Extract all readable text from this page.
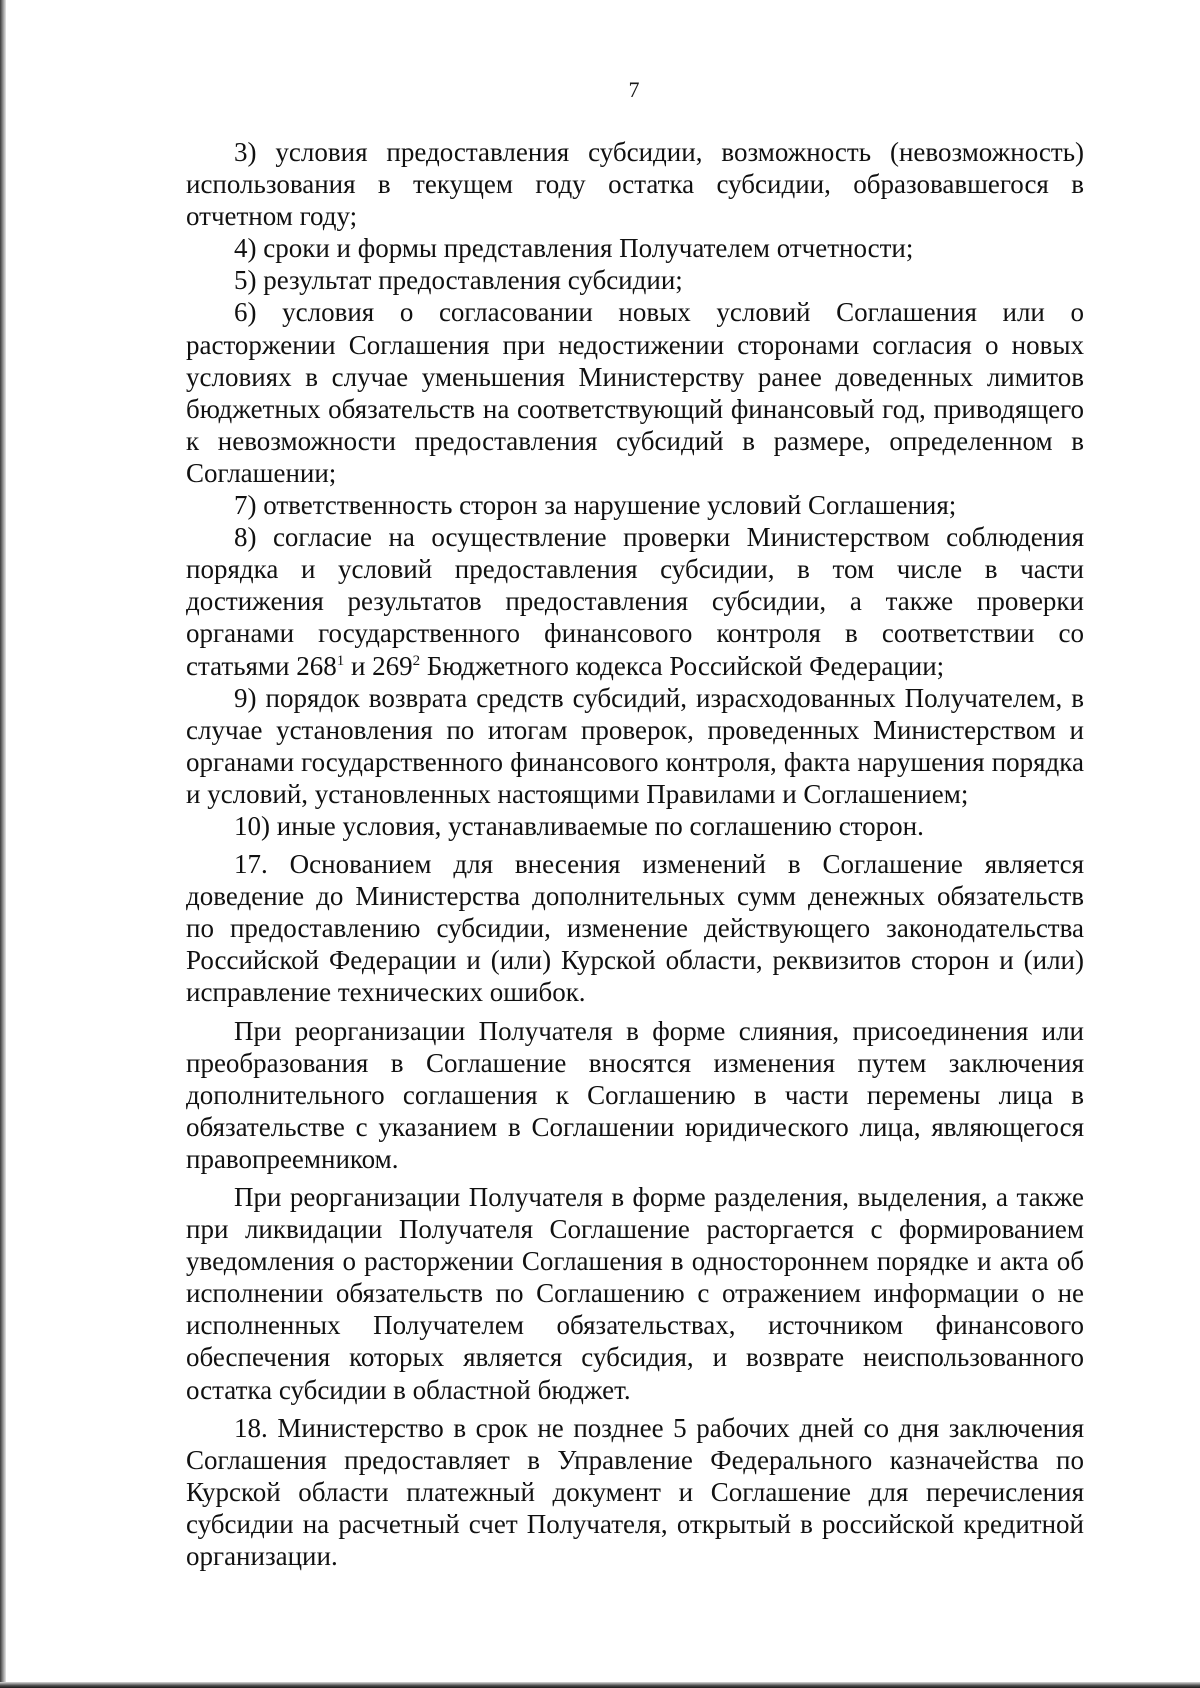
7

3) условия предоставления субсидии, возможность (невозможность) использования в текущем году остатка субсидии, образовавшегося в отчетном году;

4) сроки и формы представления Получателем отчетности;

5) результат предоставления субсидии;

6) условия о согласовании новых условий Соглашения или о расторжении Соглашения при недостижении сторонами согласия о новых условиях в случае уменьшения Министерству ранее доведенных лимитов бюджетных обязательств на соответствующий финансовый год, приводящего к невозможности предоставления субсидий в размере, определенном в Соглашении;

7) ответственность сторон за нарушение условий Соглашения;

8) согласие на осуществление проверки Министерством соблюдения порядка и условий предоставления субсидии, в том числе в части достижения результатов предоставления субсидии, а также проверки органами государственного финансового контроля в соответствии со статьями $268^1$ и $269^2$ Бюджетного кодекса Российской Федерации;

9) порядок возврата средств субсидий, израсходованных Получателем, в случае установления по итогам проверок, проведенных Министерством и органами государственного финансового контроля, факта нарушения порядка и условий, установленных настоящими Правилами и Соглашением;

10) иные условия, устанавливаемые по соглашению сторон.

17. Основанием для внесения изменений в Соглашение является доведение до Министерства дополнительных сумм денежных обязательств по предоставлению субсидии, изменение действующего законодательства Российской Федерации и (или) Курской области, реквизитов сторон и (или) исправление технических ошибок.

При реорганизации Получателя в форме слияния, присоединения или преобразования в Соглашение вносятся изменения путем заключения дополнительного соглашения к Соглашению в части перемены лица в обязательстве с указанием в Соглашении юридического лица, являющегося правопреемником.

При реорганизации Получателя в форме разделения, выделения, а также при ликвидации Получателя Соглашение расторгается с формированием уведомления о расторжении Соглашения в одностороннем порядке и акта об исполнении обязательств по Соглашению с отражением информации о не исполненных Получателем обязательствах, источником финансового обеспечения которых является субсидия, и возврате неиспользованного остатка субсидии в областной бюджет.

18. Министерство в срок не позднее 5 рабочих дней со дня заключения Соглашения предоставляет в Управление Федерального казначейства по Курской области платежный документ и Соглашение для перечисления субсидии на расчетный счет Получателя, открытый в российской кредитной организации.
